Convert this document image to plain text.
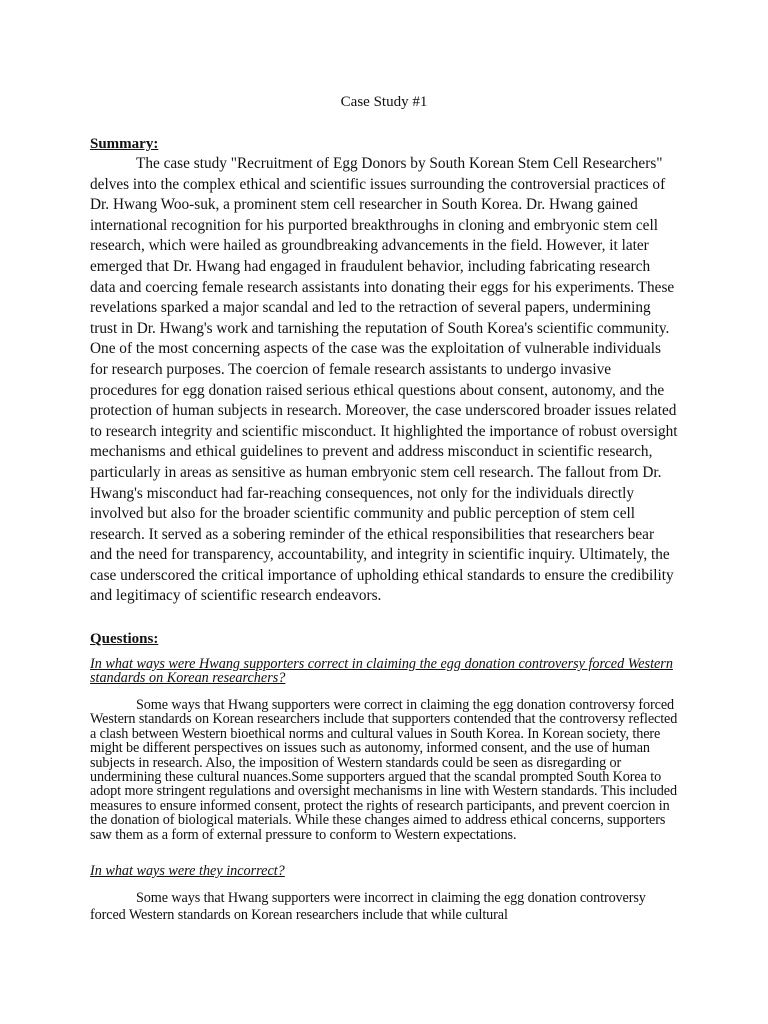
Case Study #1

Summary:

The case study "Recruitment of Egg Donors by South Korean Stem Cell Researchers" delves into the complex ethical and scientific issues surrounding the controversial practices of Dr. Hwang Woo-suk, a prominent stem cell researcher in South Korea. Dr. Hwang gained international recognition for his purported breakthroughs in cloning and embryonic stem cell research, which were hailed as groundbreaking advancements in the field. However, it later emerged that Dr. Hwang had engaged in fraudulent behavior, including fabricating research data and coercing female research assistants into donating their eggs for his experiments. These revelations sparked a major scandal and led to the retraction of several papers, undermining trust in Dr. Hwang's work and tarnishing the reputation of South Korea's scientific community. One of the most concerning aspects of the case was the exploitation of vulnerable individuals for research purposes. The coercion of female research assistants to undergo invasive procedures for egg donation raised serious ethical questions about consent, autonomy, and the protection of human subjects in research. Moreover, the case underscored broader issues related to research integrity and scientific misconduct. It highlighted the importance of robust oversight mechanisms and ethical guidelines to prevent and address misconduct in scientific research, particularly in areas as sensitive as human embryonic stem cell research. The fallout from Dr. Hwang's misconduct had far-reaching consequences, not only for the individuals directly involved but also for the broader scientific community and public perception of stem cell research. It served as a sobering reminder of the ethical responsibilities that researchers bear and the need for transparency, accountability, and integrity in scientific inquiry. Ultimately, the case underscored the critical importance of upholding ethical standards to ensure the credibility and legitimacy of scientific research endeavors.

Questions:

In what ways were Hwang supporters correct in claiming the egg donation controversy forced Western standards on Korean researchers?

Some ways that Hwang supporters were correct in claiming the egg donation controversy forced Western standards on Korean researchers include that supporters contended that the controversy reflected a clash between Western bioethical norms and cultural values in South Korea. In Korean society, there might be different perspectives on issues such as autonomy, informed consent, and the use of human subjects in research. Also, the imposition of Western standards could be seen as disregarding or undermining these cultural nuances.Some supporters argued that the scandal prompted South Korea to adopt more stringent regulations and oversight mechanisms in line with Western standards. This included measures to ensure informed consent, protect the rights of research participants, and prevent coercion in the donation of biological materials. While these changes aimed to address ethical concerns, supporters saw them as a form of external pressure to conform to Western expectations.

In what ways were they incorrect?

Some ways that Hwang supporters were incorrect in claiming the egg donation controversy forced Western standards on Korean researchers include that while cultural
